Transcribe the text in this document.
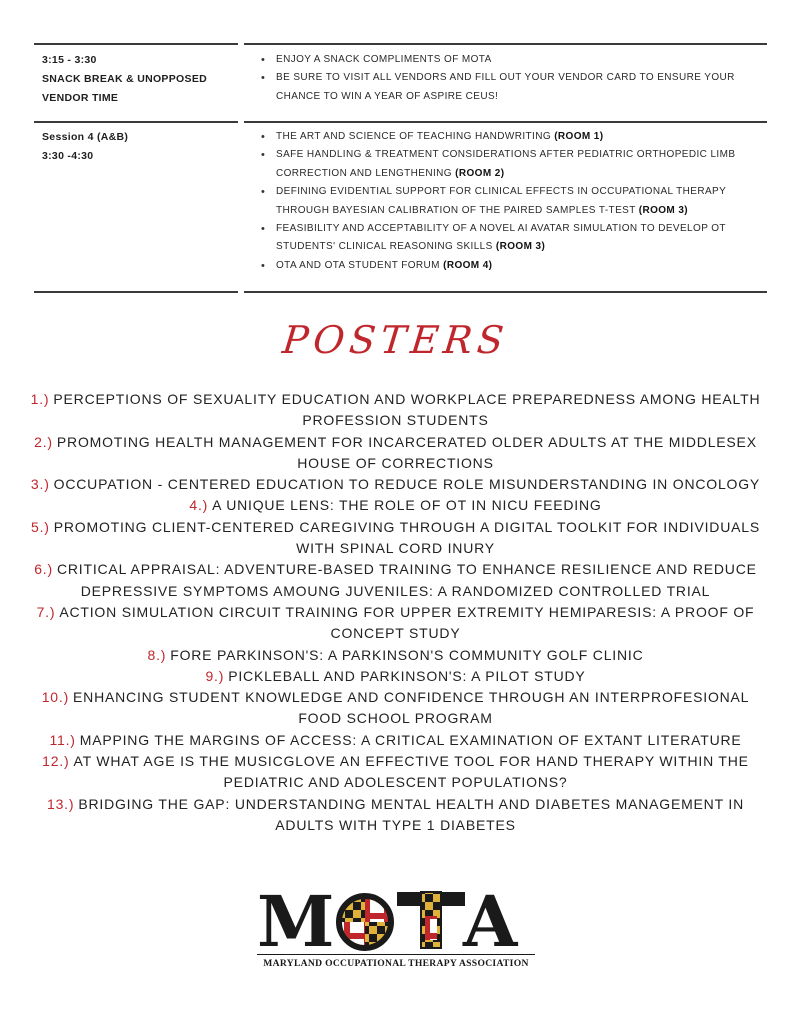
3:15 - 3:30
SNACK BREAK & UNOPPOSED
VENDOR TIME
• ENJOY A SNACK COMPLIMENTS OF MOTA
• BE SURE TO VISIT ALL VENDORS AND FILL OUT YOUR VENDOR CARD TO ENSURE YOUR CHANCE TO WIN A YEAR OF ASPIRE CEUS!
Session 4 (A&B)
3:30 -4:30
• THE ART AND SCIENCE OF TEACHING HANDWRITING (ROOM 1)
• SAFE HANDLING & TREATMENT CONSIDERATIONS AFTER PEDIATRIC ORTHOPEDIC LIMB CORRECTION AND LENGTHENING (ROOM 2)
• DEFINING EVIDENTIAL SUPPORT FOR CLINICAL EFFECTS IN OCCUPATIONAL THERAPY THROUGH BAYESIAN CALIBRATION OF THE PAIRED SAMPLES T-TEST (ROOM 3)
• FEASIBILITY AND ACCEPTABILITY OF A NOVEL AI AVATAR SIMULATION TO DEVELOP OT STUDENTS' CLINICAL REASONING SKILLS (ROOM 3)
• OTA AND OTA STUDENT FORUM (ROOM 4)
POSTERS
1.) PERCEPTIONS OF SEXUALITY EDUCATION AND WORKPLACE PREPAREDNESS AMONG HEALTH PROFESSION STUDENTS
2.) PROMOTING HEALTH MANAGEMENT FOR INCARCERATED OLDER ADULTS AT THE MIDDLESEX HOUSE OF CORRECTIONS
3.) OCCUPATION - CENTERED EDUCATION TO REDUCE ROLE MISUNDERSTANDING IN ONCOLOGY
4.) A UNIQUE LENS: THE ROLE OF OT IN NICU FEEDING
5.) PROMOTING CLIENT-CENTERED CAREGIVING THROUGH A DIGITAL TOOLKIT FOR INDIVIDUALS WITH SPINAL CORD INURY
6.) CRITICAL APPRAISAL: ADVENTURE-BASED TRAINING TO ENHANCE RESILIENCE AND REDUCE DEPRESSIVE SYMPTOMS AMOUNG JUVENILES: A RANDOMIZED CONTROLLED TRIAL
7.) ACTION SIMULATION CIRCUIT TRAINING FOR UPPER EXTREMITY HEMIPARESIS: A PROOF OF CONCEPT STUDY
8.) FORE PARKINSON'S: A PARKINSON'S COMMUNITY GOLF CLINIC
9.) PICKLEBALL AND PARKINSON'S: A PILOT STUDY
10.) ENHANCING STUDENT KNOWLEDGE AND CONFIDENCE THROUGH AN INTERPROFESIONAL FOOD SCHOOL PROGRAM
11.) MAPPING THE MARGINS OF ACCESS: A CRITICAL EXAMINATION OF EXTANT LITERATURE
12.) AT WHAT AGE IS THE MUSICGLOVE AN EFFECTIVE TOOL FOR HAND THERAPY WITHIN THE PEDIATRIC AND ADOLESCENT POPULATIONS?
13.) BRIDGING THE GAP: UNDERSTANDING MENTAL HEALTH AND DIABETES MANAGEMENT IN ADULTS WITH TYPE 1 DIABETES
M A
MARYLAND OCCUPATIONAL THERAPY ASSOCIATION
